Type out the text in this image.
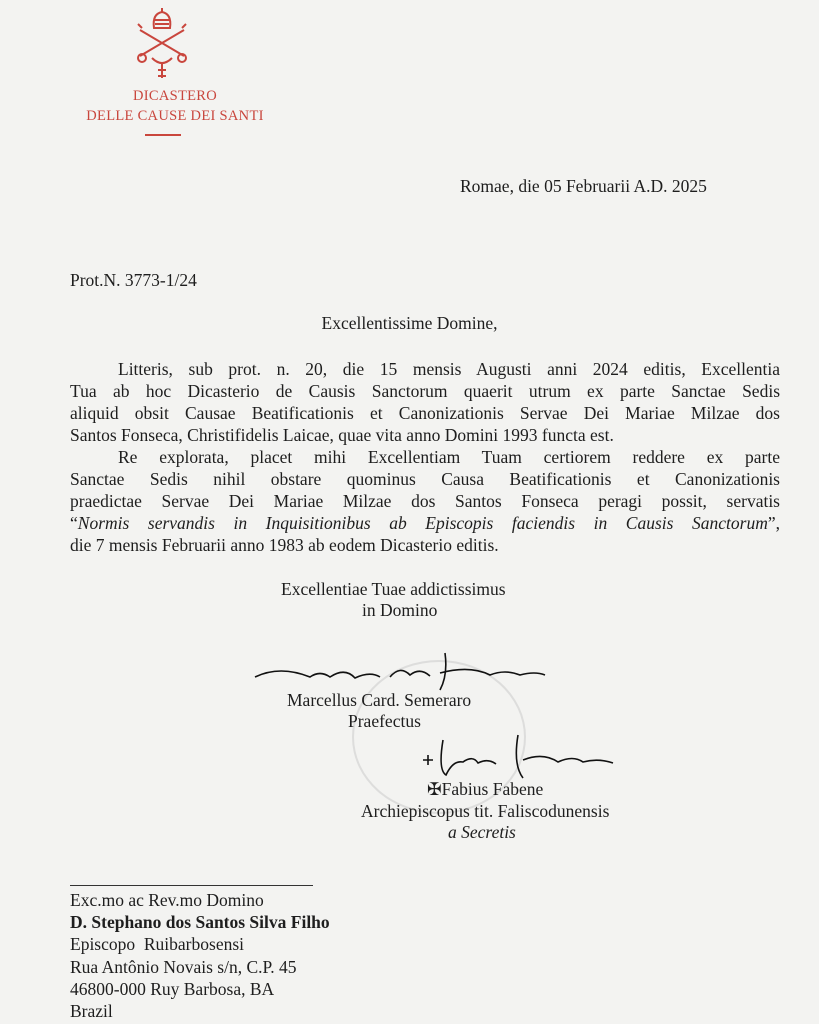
DICASTERO
DELLE CAUSE DEI SANTI
Romae, die 05 Februarii A.D. 2025
Prot.N. 3773-1/24
Excellentissime Domine,
Litteris, sub prot. n. 20, die 15 mensis Augusti anni 2024 editis, Excellentia
Tua ab hoc Dicasterio de Causis Sanctorum quaerit utrum ex parte Sanctae Sedis
aliquid obsit Causae Beatificationis et Canonizationis Servae Dei Mariae Milzae dos
Santos Fonseca, Christifidelis Laicae, quae vita anno Domini 1993 functa est.
Re explorata, placet mihi Excellentiam Tuam certiorem reddere ex parte
Sanctae Sedis nihil obstare quominus Causa Beatificationis et Canonizationis
praedictae Servae Dei Mariae Milzae dos Santos Fonseca peragi possit, servatis
“Normis servandis in Inquisitionibus ab Episcopis faciendis in Causis Sanctorum”,
die 7 mensis Februarii anno 1983 ab eodem Dicasterio editis.
Excellentiae Tuae addictissimus
in Domino
Marcellus Card. Semeraro
Praefectus
✠Fabius Fabene
Archiepiscopus tit. Faliscodunensis
a Secretis
Exc.mo ac Rev.mo Domino
D. Stephano dos Santos Silva Filho
Episcopo  Ruibarbosensi
Rua Antônio Novais s/n, C.P. 45
46800-000 Ruy Barbosa, BA
Brazil
